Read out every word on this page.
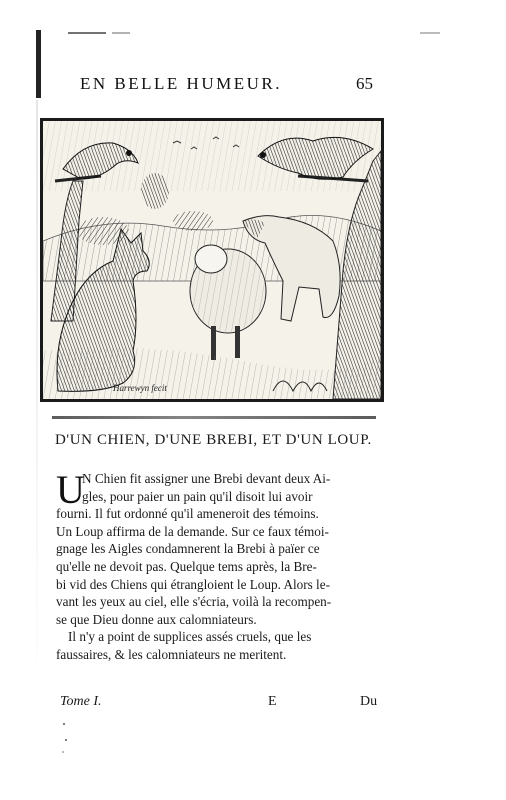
EN BELLE HUMEUR.	65
Harrewyn fecit
D'UN CHIEN, D'UNE BREBI, ET D'UN LOUP.
U
N Chien fit assigner une Brebi devant deux Ai-
gles, pour paier un pain qu'il disoit lui avoir
fourni. Il fut ordonné qu'il ameneroit des témoins.
Un Loup affirma de la demande. Sur ce faux témoi-
gnage les Aigles condamnerent la Brebi à païer ce
qu'elle ne devoit pas. Quelque tems après, la Bre-
bi vid des Chiens qui étrangloient le Loup. Alors le-
vant les yeux au ciel, elle s'écria, voilà la recompen-
se que Dieu donne aux calomniateurs.
Il n'y a point de supplices assés cruels, que les
faussaires, & les calomniateurs ne meritent.
Tome I.	E	Du
